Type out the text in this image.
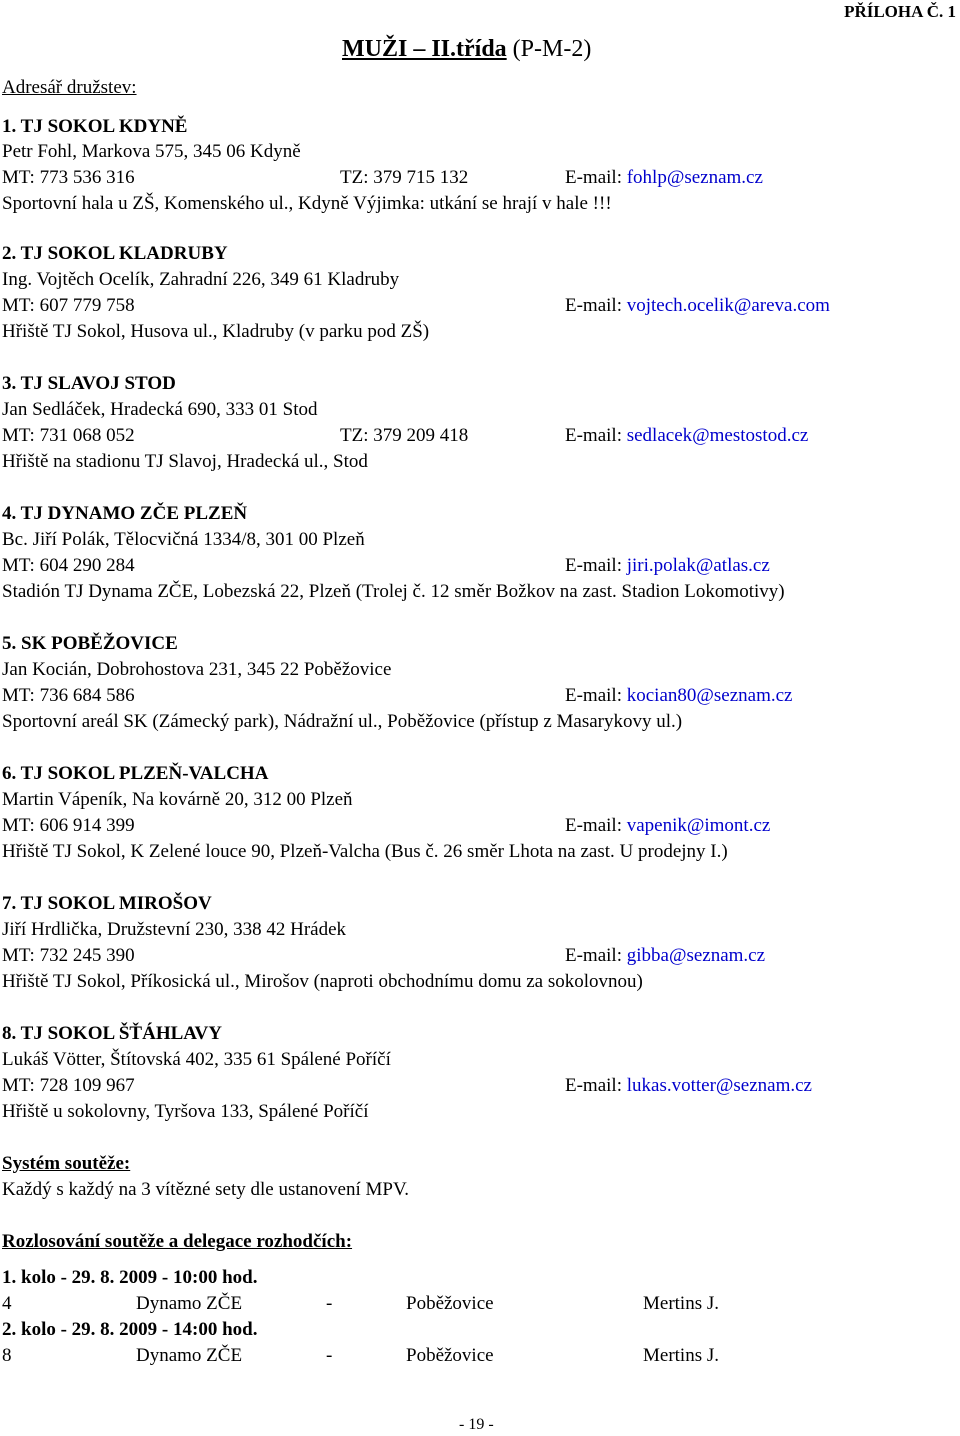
PŘÍLOHA Č. 1
MUŽI – II.třída (P-M-2)
Adresář družstev:
1. TJ SOKOL KDYNĚ
Petr Fohl, Markova 575, 345 06 Kdyně
MT: 773 536 316	TZ: 379 715 132	E-mail: fohlp@seznam.cz
Sportovní hala u ZŠ, Komenského ul., Kdyně Výjimka: utkání se hrají v hale !!!
2. TJ SOKOL KLADRUBY
Ing. Vojtěch Ocelík, Zahradní 226, 349 61 Kladruby
MT: 607 779 758	E-mail: vojtech.ocelik@areva.com
Hřiště TJ Sokol, Husova ul., Kladruby (v parku pod ZŠ)
3. TJ SLAVOJ STOD
Jan Sedláček, Hradecká 690, 333 01 Stod
MT: 731 068 052	TZ: 379 209 418	E-mail: sedlacek@mestostod.cz
Hřiště na stadionu TJ Slavoj, Hradecká ul., Stod
4. TJ DYNAMO ZČE PLZEŇ
Bc. Jiří Polák, Tělocvičná 1334/8, 301 00 Plzeň
MT: 604 290 284	E-mail: jiri.polak@atlas.cz
Stadión TJ Dynama ZČE, Lobezská 22, Plzeň (Trolej č. 12 směr Božkov na zast. Stadion Lokomotivy)
5. SK POBĚŽOVICE
Jan Kocián, Dobrohostova 231, 345 22 Poběžovice
MT: 736 684 586	E-mail: kocian80@seznam.cz
Sportovní areál SK (Zámecký park), Nádražní ul., Poběžovice (přístup z Masarykovy ul.)
6. TJ SOKOL PLZEŇ-VALCHA
Martin Vápeník, Na kovárně 20, 312 00 Plzeň
MT: 606 914 399	E-mail: vapenik@imont.cz
Hřiště TJ Sokol, K Zelené louce 90, Plzeň-Valcha (Bus č. 26 směr Lhota na zast. U prodejny I.)
7. TJ SOKOL MIROŠOV
Jiří Hrdlička, Družstevní 230, 338 42 Hrádek
MT: 732 245 390	E-mail: gibba@seznam.cz
Hřiště TJ Sokol, Příkosická ul., Mirošov (naproti obchodnímu domu za sokolovnou)
8. TJ SOKOL ŠŤÁHLAVY
Lukáš Vötter, Štítovská 402, 335 61 Spálené Poříčí
MT: 728 109 967	E-mail: lukas.votter@seznam.cz
Hřiště u sokolovny, Tyršova 133, Spálené Poříčí
Systém soutěže:
Každý s každý na 3 vítězné sety dle ustanovení MPV.
Rozlosování soutěže a delegace rozhodčích:
1. kolo - 29. 8. 2009 - 10:00 hod.
4	Dynamo ZČE	-	Poběžovice	Mertins J.
2. kolo - 29. 8. 2009 - 14:00 hod.
8	Dynamo ZČE	-	Poběžovice	Mertins J.
- 19 -
